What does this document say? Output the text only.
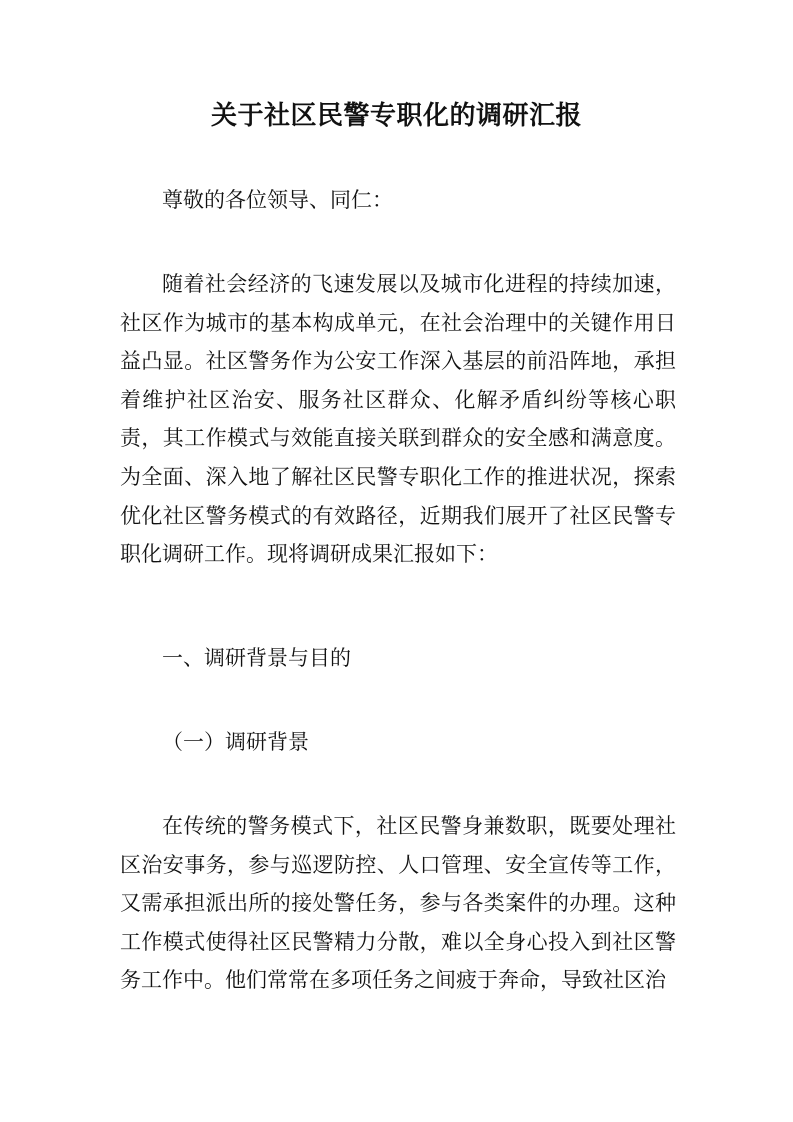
关于社区民警专职化的调研汇报
尊敬的各位领导、同仁：
随着社会经济的飞速发展以及城市化进程的持续加速，社区作为城市的基本构成单元，在社会治理中的关键作用日益凸显。社区警务作为公安工作深入基层的前沿阵地，承担着维护社区治安、服务社区群众、化解矛盾纠纷等核心职责，其工作模式与效能直接关联到群众的安全感和满意度。为全面、深入地了解社区民警专职化工作的推进状况，探索优化社区警务模式的有效路径，近期我们展开了社区民警专职化调研工作。现将调研成果汇报如下：
一、调研背景与目的
（一）调研背景
在传统的警务模式下，社区民警身兼数职，既要处理社区治安事务，参与巡逻防控、人口管理、安全宣传等工作，又需承担派出所的接处警任务，参与各类案件的办理。这种工作模式使得社区民警精力分散，难以全身心投入到社区警务工作中。他们常常在多项任务之间疲于奔命，导致社区治
